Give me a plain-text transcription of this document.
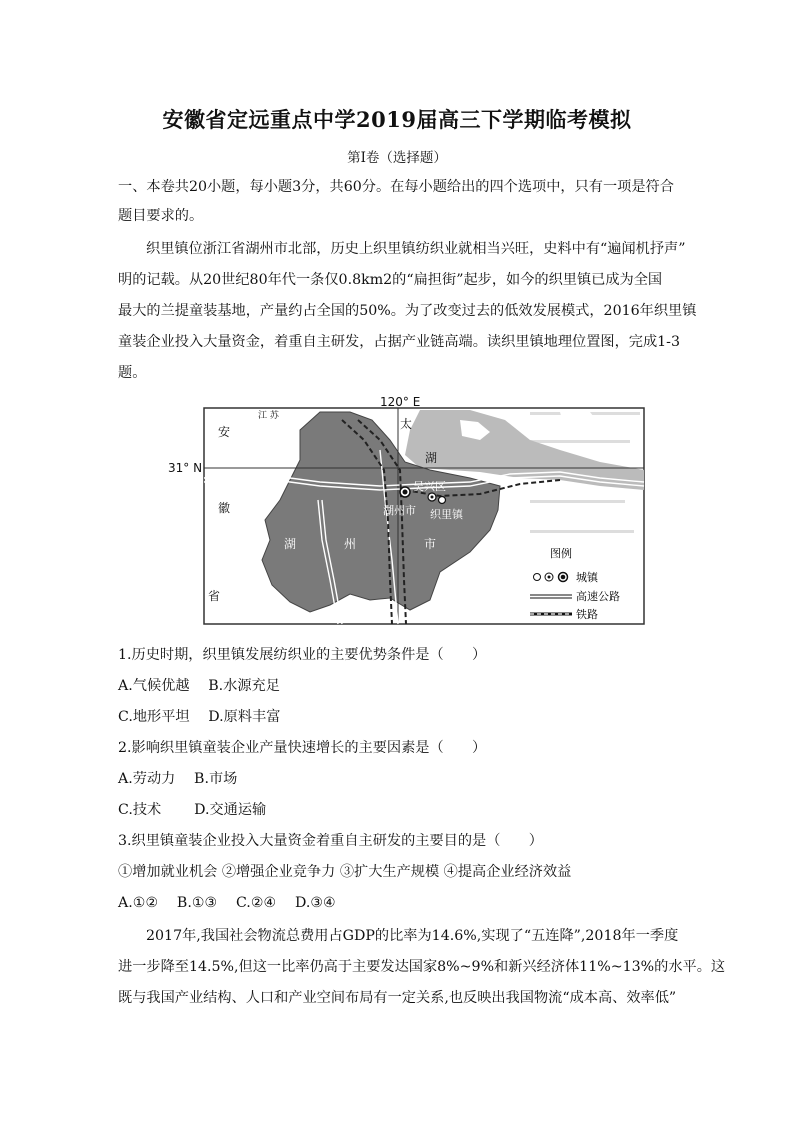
安徽省定远重点中学2019届高三下学期临考模拟
第I卷（选择题）
一、本卷共20小题，每小题3分，共60分。在每小题给出的四个选项中，只有一项是符合
题目要求的。
织里镇位浙江省湖州市北部，历史上织里镇纺织业就相当兴旺，史料中有“遍闻机抒声”
明的记载。从20世纪80年代一条仅0.8km2的“扁担街”起步，如今的织里镇已成为全国
最大的兰提童装基地，产量约占全国的50%。为了改变过去的低效发展模式，2016年织里镇
童装企业投入大量资金，着重自主研发，占据产业链高端。读织里镇地理位置图，完成1-3
题。
120° E
31° N
江 苏
安
徽
省
太
湖
吴兴区
湖州市 织里镇
湖	州	市
图例
城镇
高速公路
铁路
1.历史时期，织里镇发展纺织业的主要优势条件是（　　）
A.气候优越　 B.水源充足
C.地形平坦　 D.原料丰富
2.影响织里镇童装企业产量快速增长的主要因素是（　　）
A.劳动力　 B.市场
C.技术　　 D.交通运输
3.织里镇童装企业投入大量资金着重自主研发的主要目的是（　　）
①增加就业机会 ②增强企业竞争力 ③扩大生产规模 ④提高企业经济效益
A.①②　 B.①③　 C.②④　 D.③④
2017年,我国社会物流总费用占GDP的比率为14.6%,实现了“五连降”,2018年一季度
进一步降至14.5%,但这一比率仍高于主要发达国家8%~9%和新兴经济体11%~13%的水平。这
既与我国产业结构、人口和产业空间布局有一定关系,也反映出我国物流“成本高、效率低”
